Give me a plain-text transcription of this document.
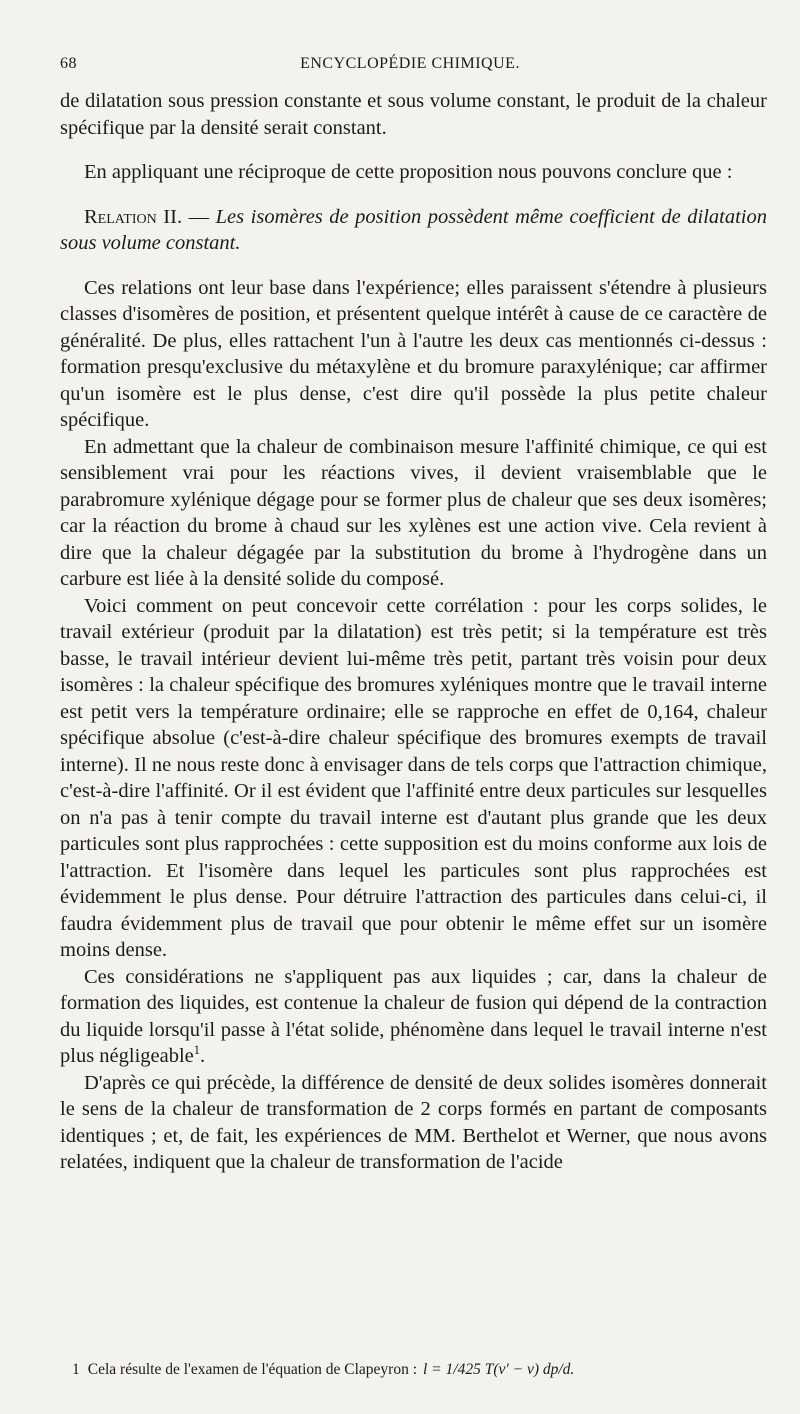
68	ENCYCLOPÉDIE CHIMIQUE.

de dilatation sous pression constante et sous volume constant, le produit de la chaleur spécifique par la densité serait constant.

En appliquant une réciproque de cette proposition nous pouvons conclure que :

Relation II. — Les isomères de position possèdent même coefficient de dilatation sous volume constant.

Ces relations ont leur base dans l'expérience; elles paraissent s'étendre à plusieurs classes d'isomères de position, et présentent quelque intérêt à cause de ce caractère de généralité. De plus, elles rattachent l'un à l'autre les deux cas mentionnés ci-dessus : formation presqu'exclusive du métaxylène et du bromure paraxylénique; car affirmer qu'un isomère est le plus dense, c'est dire qu'il possède la plus petite chaleur spécifique.

En admettant que la chaleur de combinaison mesure l'affinité chimique, ce qui est sensiblement vrai pour les réactions vives, il devient vraisemblable que le parabromure xylénique dégage pour se former plus de chaleur que ses deux isomères; car la réaction du brome à chaud sur les xylènes est une action vive. Cela revient à dire que la chaleur dégagée par la substitution du brome à l'hydrogène dans un carbure est liée à la densité solide du composé.

Voici comment on peut concevoir cette corrélation : pour les corps solides, le travail extérieur (produit par la dilatation) est très petit; si la température est très basse, le travail intérieur devient lui-même très petit, partant très voisin pour deux isomères : la chaleur spécifique des bromures xyléniques montre que le travail interne est petit vers la température ordinaire; elle se rapproche en effet de 0,164, chaleur spécifique absolue (c'est-à-dire chaleur spécifique des bromures exempts de travail interne). Il ne nous reste donc à envisager dans de tels corps que l'attraction chimique, c'est-à-dire l'affinité. Or il est évident que l'affinité entre deux particules sur lesquelles on n'a pas à tenir compte du travail interne est d'autant plus grande que les deux particules sont plus rapprochées : cette supposition est du moins conforme aux lois de l'attraction. Et l'isomère dans lequel les particules sont plus rapprochées est évidemment le plus dense. Pour détruire l'attraction des particules dans celui-ci, il faudra évidemment plus de travail que pour obtenir le même effet sur un isomère moins dense.

Ces considérations ne s'appliquent pas aux liquides ; car, dans la chaleur de formation des liquides, est contenue la chaleur de fusion qui dépend de la contraction du liquide lorsqu'il passe à l'état solide, phénomène dans lequel le travail interne n'est plus négligeable$^1$.

D'après ce qui précède, la différence de densité de deux solides isomères donnerait le sens de la chaleur de transformation de 2 corps formés en partant de composants identiques ; et, de fait, les expériences de MM. Berthelot et Werner, que nous avons relatées, indiquent que la chaleur de transformation de l'acide

1 Cela résulte de l'examen de l'équation de Clapeyron : l = 1/425 T(v′ − v) dp/d.
